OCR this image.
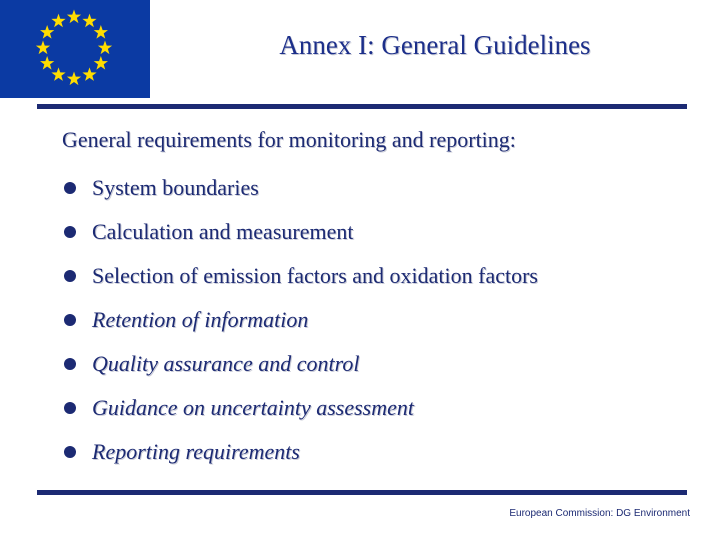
Annex I: General Guidelines
General requirements for monitoring and reporting:
System boundaries
Calculation and measurement
Selection of emission factors and oxidation factors
Retention of information
Quality assurance and control
Guidance on uncertainty assessment
Reporting requirements
European Commission: DG Environment
